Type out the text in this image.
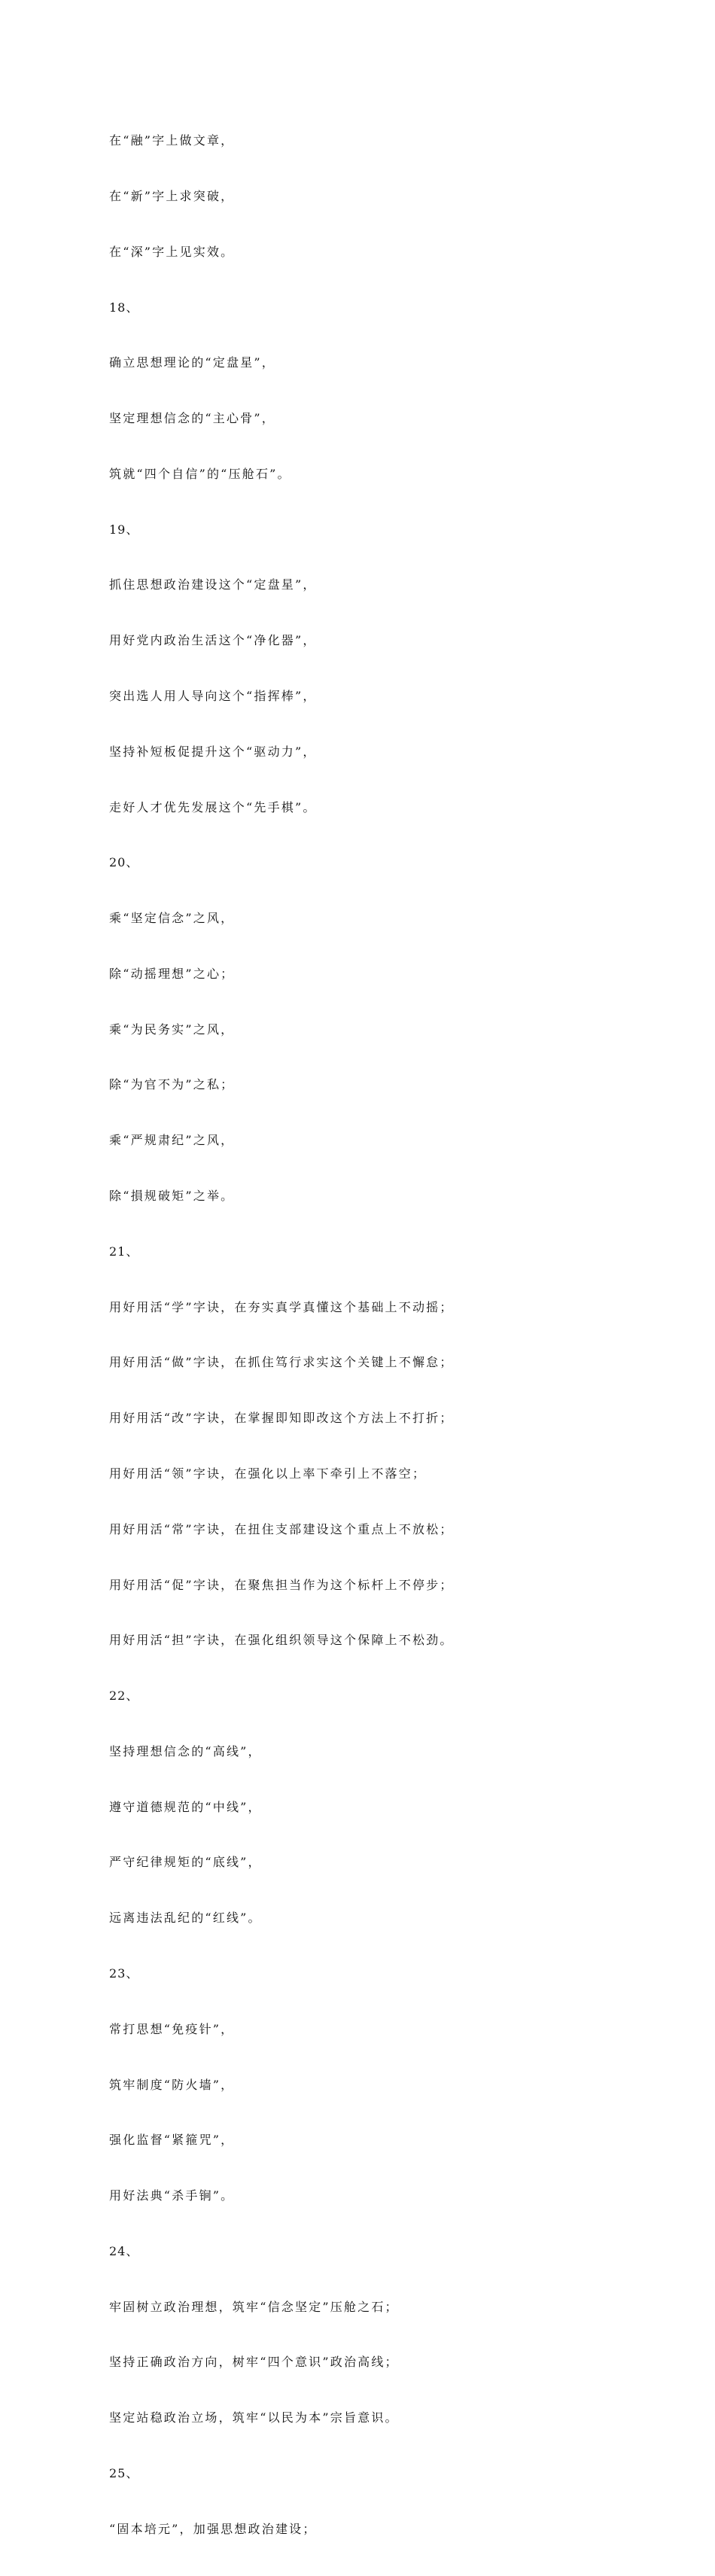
在“融”字上做文章，

在“新”字上求突破，

在“深”字上见实效。

18、

确立思想理论的“定盘星”，

坚定理想信念的“主心骨”，

筑就“四个自信”的“压舱石”。

19、

抓住思想政治建设这个“定盘星”，

用好党内政治生活这个“净化器”，

突出选人用人导向这个“指挥棒”，

坚持补短板促提升这个“驱动力”，

走好人才优先发展这个“先手棋”。

20、

乘“坚定信念”之风，

除“动摇理想”之心；

乘“为民务实”之风，

除“为官不为”之私；

乘“严规肃纪”之风，

除“損规破矩”之举。

21、

用好用活“学”字诀，在夯实真学真懂这个基础上不动摇；

用好用活“做”字诀，在抓住笃行求实这个关键上不懈怠；

用好用活“改”字诀，在掌握即知即改这个方法上不打折；

用好用活“领”字诀，在强化以上率下牵引上不落空；

用好用活“常”字诀，在扭住支部建设这个重点上不放松；

用好用活“促”字诀，在聚焦担当作为这个标杆上不停步；

用好用活“担”字诀，在强化组织领导这个保障上不松劲。

22、

坚持理想信念的“高线”，

遵守道德规范的“中线”，

严守纪律规矩的“底线”，

远离违法乱纪的“红线”。

23、

常打思想“免疫针”，

筑牢制度“防火墙”，

强化监督“紧箍咒”，

用好法典“杀手锏”。

24、

牢固树立政治理想，筑牢“信念坚定”压舱之石；

坚持正确政治方向，树牢“四个意识”政治高线；

坚定站稳政治立场，筑牢“以民为本”宗旨意识。

25、

“固本培元”，加强思想政治建设；
